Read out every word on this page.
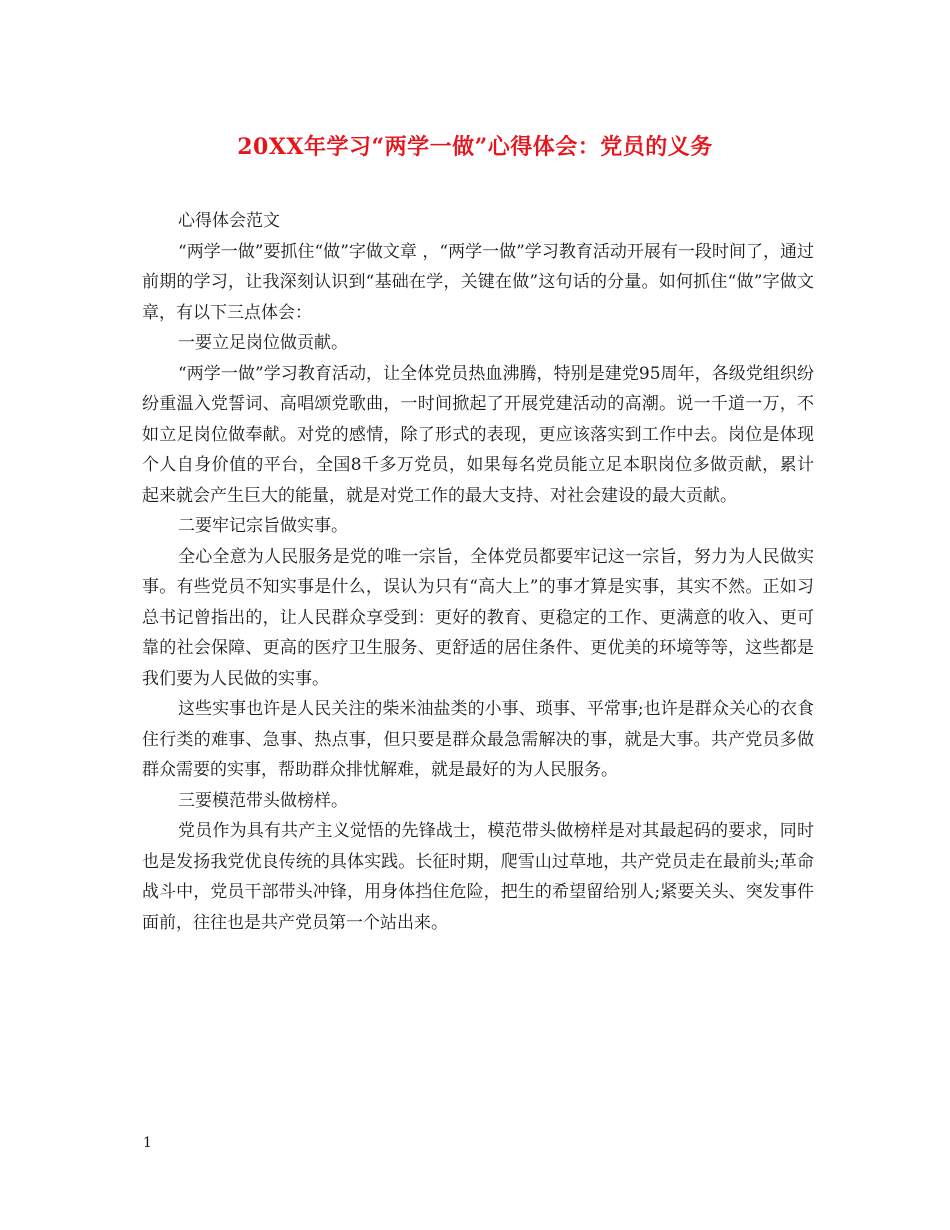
20XX年学习“两学一做”心得体会：党员的义务

心得体会范文

“两学一做”要抓住“做”字做文章 ，“两学一做”学习教育活动开展有一段时间了，通过前期的学习，让我深刻认识到“基础在学，关键在做”这句话的分量。如何抓住“做”字做文章，有以下三点体会：

一要立足岗位做贡献。

“两学一做”学习教育活动，让全体党员热血沸腾，特别是建党95周年，各级党组织纷纷重温入党誓词、高唱颂党歌曲，一时间掀起了开展党建活动的高潮。说一千道一万，不如立足岗位做奉献。对党的感情，除了形式的表现，更应该落实到工作中去。岗位是体现个人自身价值的平台，全国8千多万党员，如果每名党员能立足本职岗位多做贡献，累计起来就会产生巨大的能量，就是对党工作的最大支持、对社会建设的最大贡献。

二要牢记宗旨做实事。

全心全意为人民服务是党的唯一宗旨，全体党员都要牢记这一宗旨，努力为人民做实事。有些党员不知实事是什么，误认为只有“高大上”的事才算是实事，其实不然。正如习总书记曾指出的，让人民群众享受到：更好的教育、更稳定的工作、更满意的收入、更可靠的社会保障、更高的医疗卫生服务、更舒适的居住条件、更优美的环境等等，这些都是我们要为人民做的实事。

这些实事也许是人民关注的柴米油盐类的小事、琐事、平常事;也许是群众关心的衣食住行类的难事、急事、热点事，但只要是群众最急需解决的事，就是大事。共产党员多做群众需要的实事，帮助群众排忧解难，就是最好的为人民服务。

三要模范带头做榜样。

党员作为具有共产主义觉悟的先锋战士，模范带头做榜样是对其最起码的要求，同时也是发扬我党优良传统的具体实践。长征时期，爬雪山过草地，共产党员走在最前头;革命战斗中，党员干部带头冲锋，用身体挡住危险，把生的希望留给别人;紧要关头、突发事件面前，往往也是共产党员第一个站出来。

1
